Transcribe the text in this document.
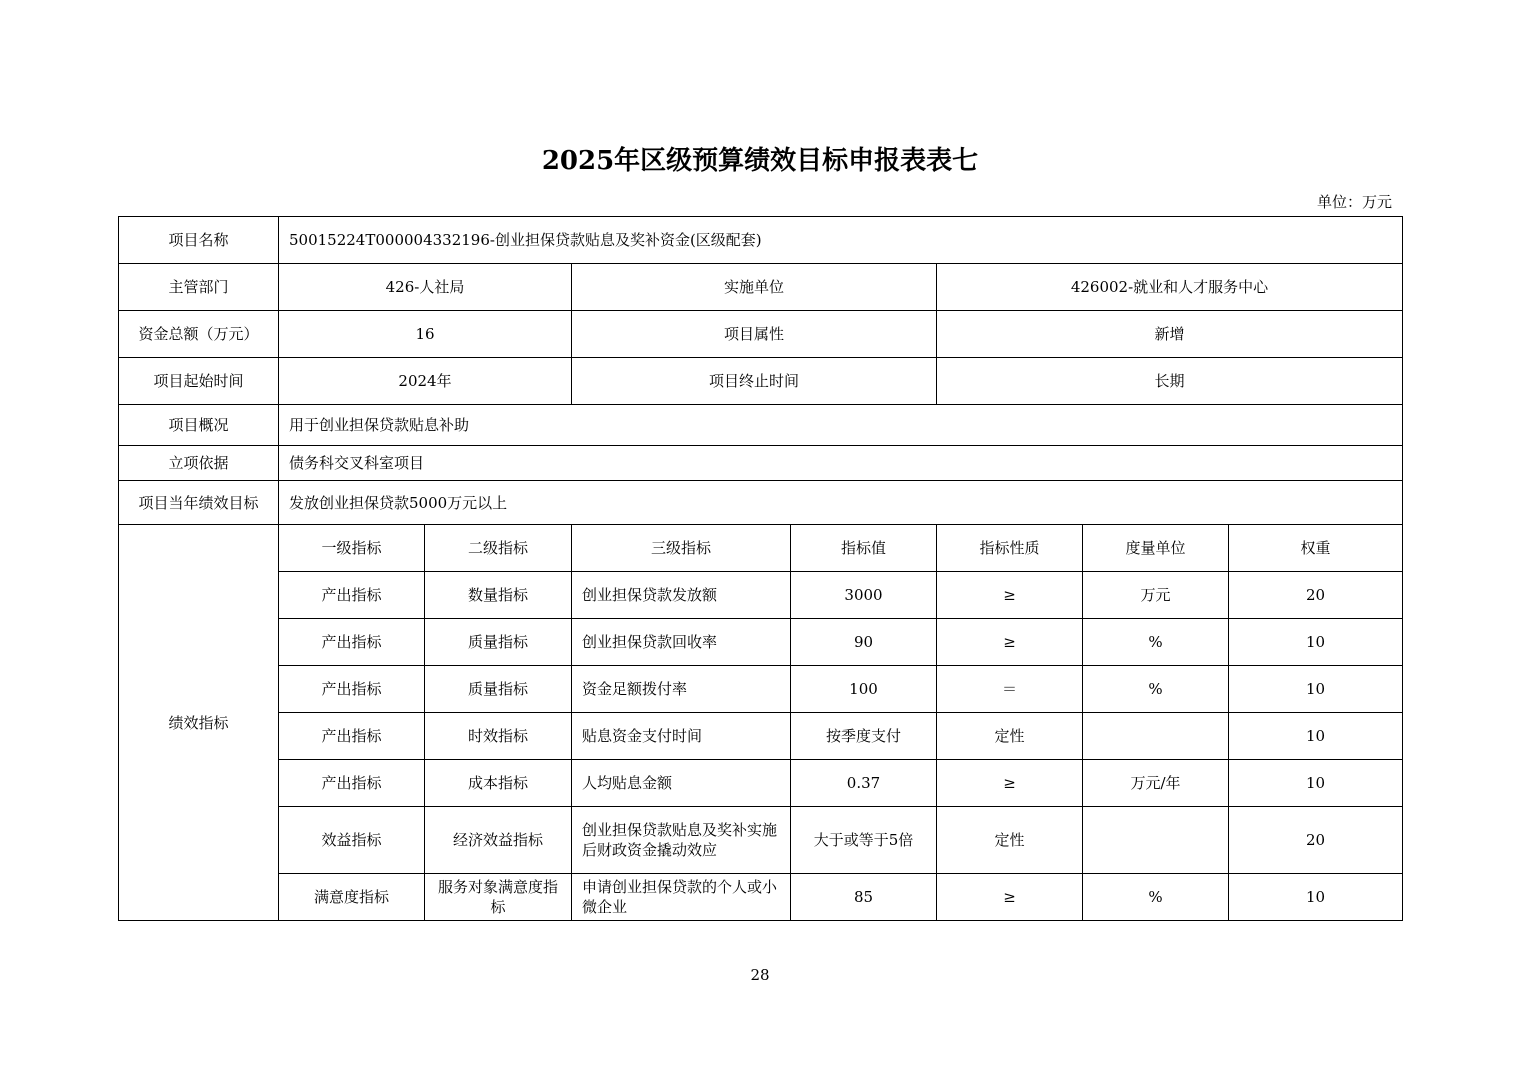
2025年区级预算绩效目标申报表表七
单位：万元
项目名称	50015224T000004332196-创业担保贷款贴息及奖补资金(区级配套)						
主管部门	426-人社局		实施单位		426002-就业和人才服务中心		
资金总额（万元）	16		项目属性		新增		
项目起始时间	2024年		项目终止时间		长期		
项目概况	用于创业担保贷款贴息补助						
立项依据	债务科交叉科室项目						
项目当年绩效目标	发放创业担保贷款5000万元以上						
绩效指标	一级指标	二级指标	三级指标	指标值	指标性质	度量单位	权重
	产出指标	数量指标	创业担保贷款发放额	3000	≥	万元	20
	产出指标	质量指标	创业担保贷款回收率	90	≥	%	10
	产出指标	质量指标	资金足额拨付率	100	＝	%	10
	产出指标	时效指标	贴息资金支付时间	按季度支付	定性		10
	产出指标	成本指标	人均贴息金额	0.37	≥	万元/年	10
	效益指标	经济效益指标	创业担保贷款贴息及奖补实施后财政资金撬动效应	大于或等于5倍	定性		20
	满意度指标	服务对象满意度指标	申请创业担保贷款的个人或小微企业	85	≥	%	10
28
